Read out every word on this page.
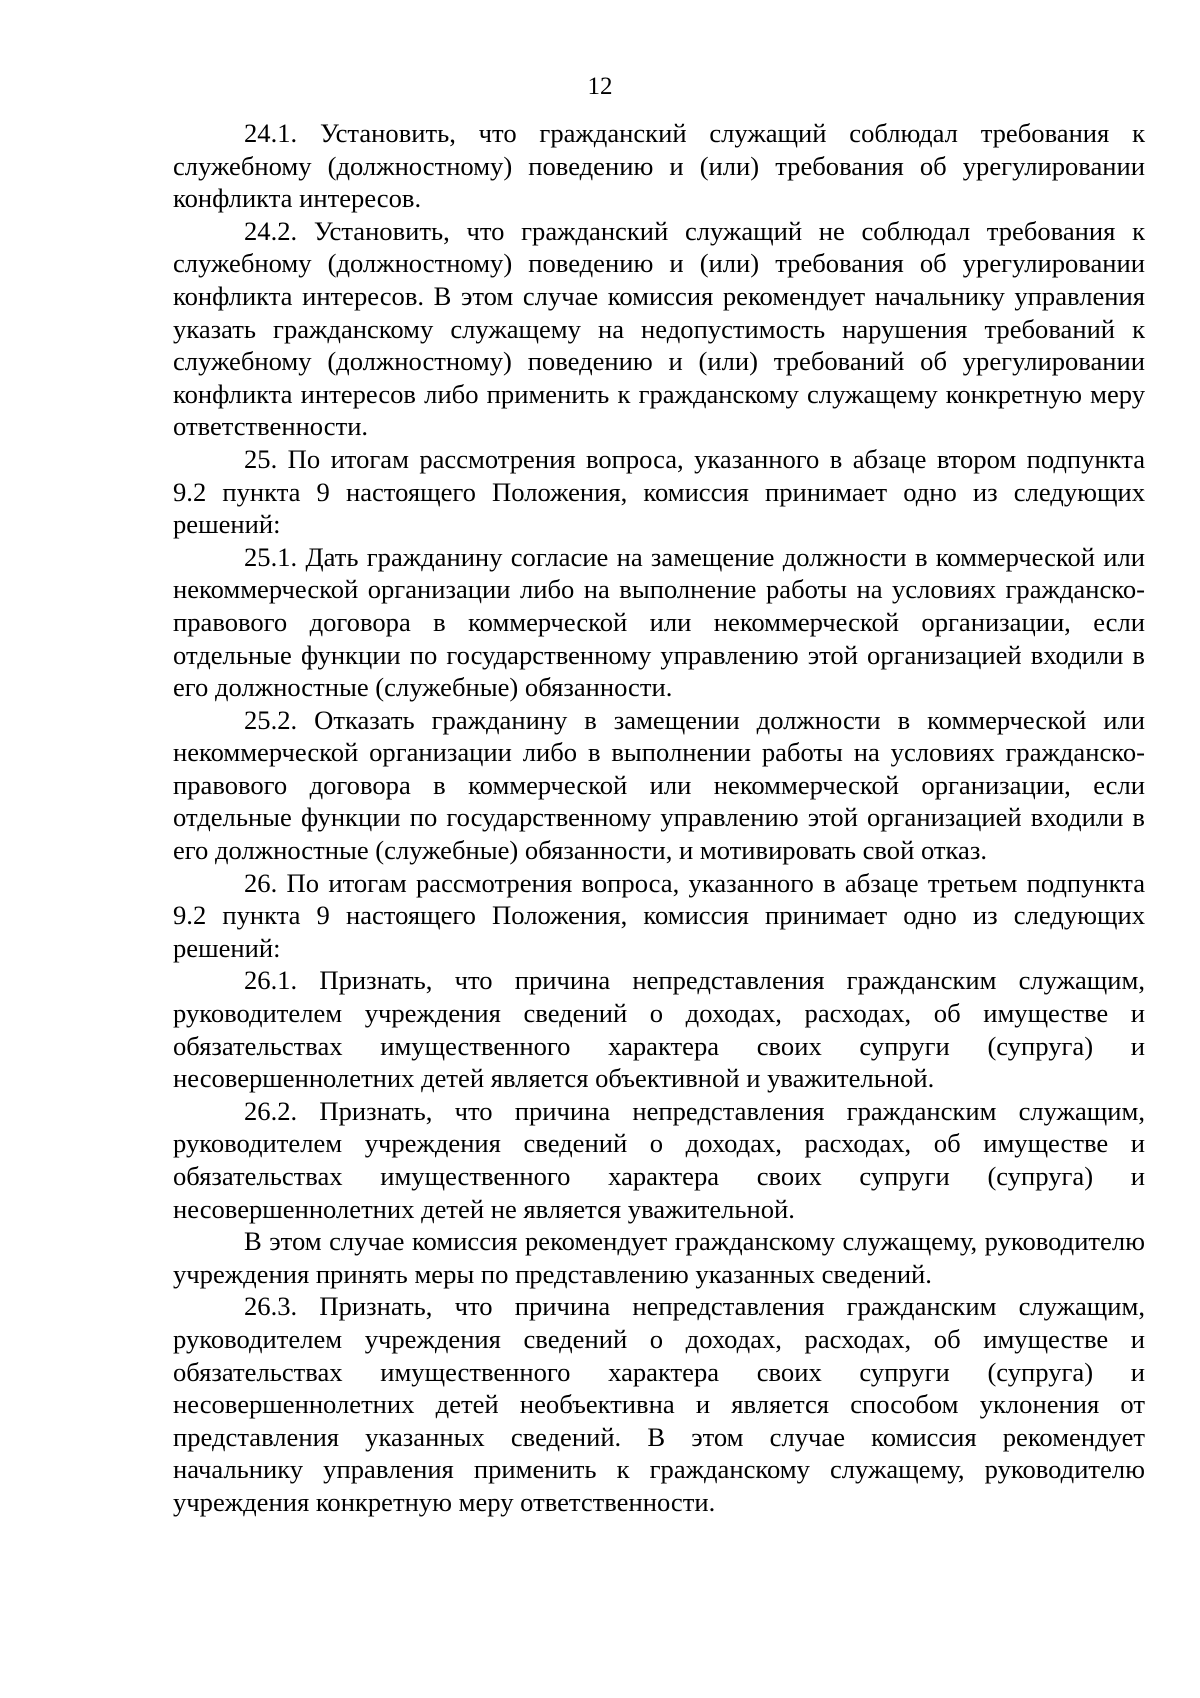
12

24.1. Установить, что гражданский служащий соблюдал требования к служебному (должностному) поведению и (или) требования об урегулировании конфликта интересов.

24.2. Установить, что гражданский служащий не соблюдал требования к служебному (должностному) поведению и (или) требования об урегулировании конфликта интересов. В этом случае комиссия рекомендует начальнику управления указать гражданскому служащему на недопустимость нарушения требований к служебному (должностному) поведению и (или) требований об урегулировании конфликта интересов либо применить к гражданскому служащему конкретную меру ответственности.

25. По итогам рассмотрения вопроса, указанного в абзаце втором подпункта 9.2 пункта 9 настоящего Положения, комиссия принимает одно из следующих решений:

25.1. Дать гражданину согласие на замещение должности в коммерческой или некоммерческой организации либо на выполнение работы на условиях гражданско-правового договора в коммерческой или некоммерческой организации, если отдельные функции по государственному управлению этой организацией входили в его должностные (служебные) обязанности.

25.2. Отказать гражданину в замещении должности в коммерческой или некоммерческой организации либо в выполнении работы на условиях гражданско-правового договора в коммерческой или некоммерческой организации, если отдельные функции по государственному управлению этой организацией входили в его должностные (служебные) обязанности, и мотивировать свой отказ.

26. По итогам рассмотрения вопроса, указанного в абзаце третьем подпункта 9.2 пункта 9 настоящего Положения, комиссия принимает одно из следующих решений:

26.1. Признать, что причина непредставления гражданским служащим, руководителем учреждения сведений о доходах, расходах, об имуществе и обязательствах имущественного характера своих супруги (супруга) и несовершеннолетних детей является объективной и уважительной.

26.2. Признать, что причина непредставления гражданским служащим, руководителем учреждения сведений о доходах, расходах, об имуществе и обязательствах имущественного характера своих супруги (супруга) и несовершеннолетних детей не является уважительной.

В этом случае комиссия рекомендует гражданскому служащему, руководителю учреждения принять меры по представлению указанных сведений.

26.3. Признать, что причина непредставления гражданским служащим, руководителем учреждения сведений о доходах, расходах, об имуществе и обязательствах имущественного характера своих супруги (супруга) и несовершеннолетних детей необъективна и является способом уклонения от представления указанных сведений. В этом случае комиссия рекомендует начальнику управления применить к гражданскому служащему, руководителю учреждения конкретную меру ответственности.
